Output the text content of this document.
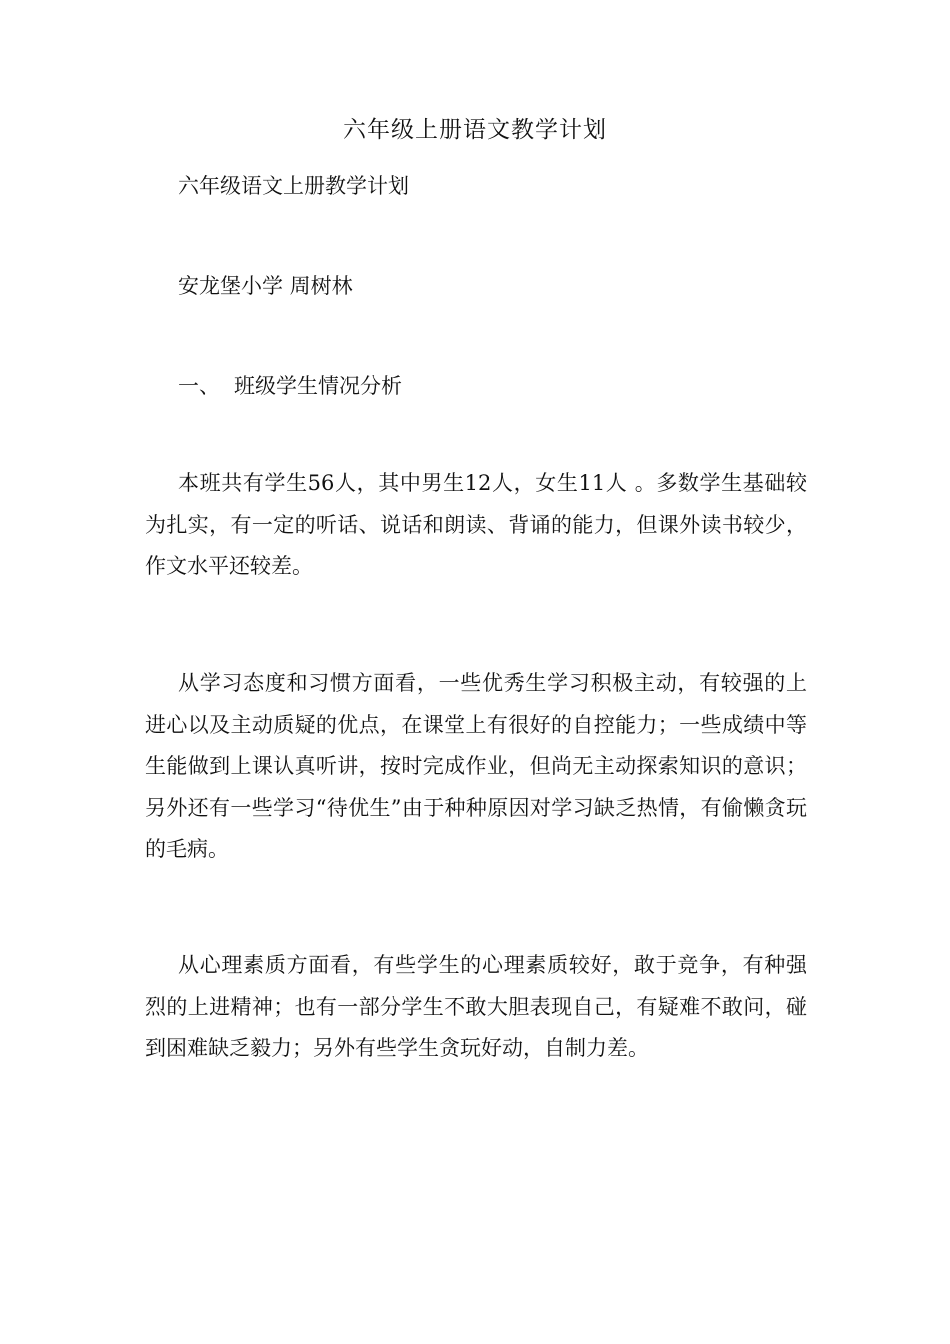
六年级上册语文教学计划
六年级语文上册教学计划
安龙堡小学 周树林
一、 班级学生情况分析

本班共有学生56人，其中男生12人，女生11人 。多数学生基础较为扎实，有一定的听话、说话和朗读、背诵的能力，但课外读书较少，作文水平还较差。

从学习态度和习惯方面看，一些优秀生学习积极主动，有较强的上进心以及主动质疑的优点，在课堂上有很好的自控能力；一些成绩中等生能做到上课认真听讲，按时完成作业，但尚无主动探索知识的意识；另外还有一些学习“待优生”由于种种原因对学习缺乏热情，有偷懒贪玩的毛病。

从心理素质方面看，有些学生的心理素质较好，敢于竞争，有种强烈的上进精神；也有一部分学生不敢大胆表现自己，有疑难不敢问，碰到困难缺乏毅力；另外有些学生贪玩好动，自制力差。
